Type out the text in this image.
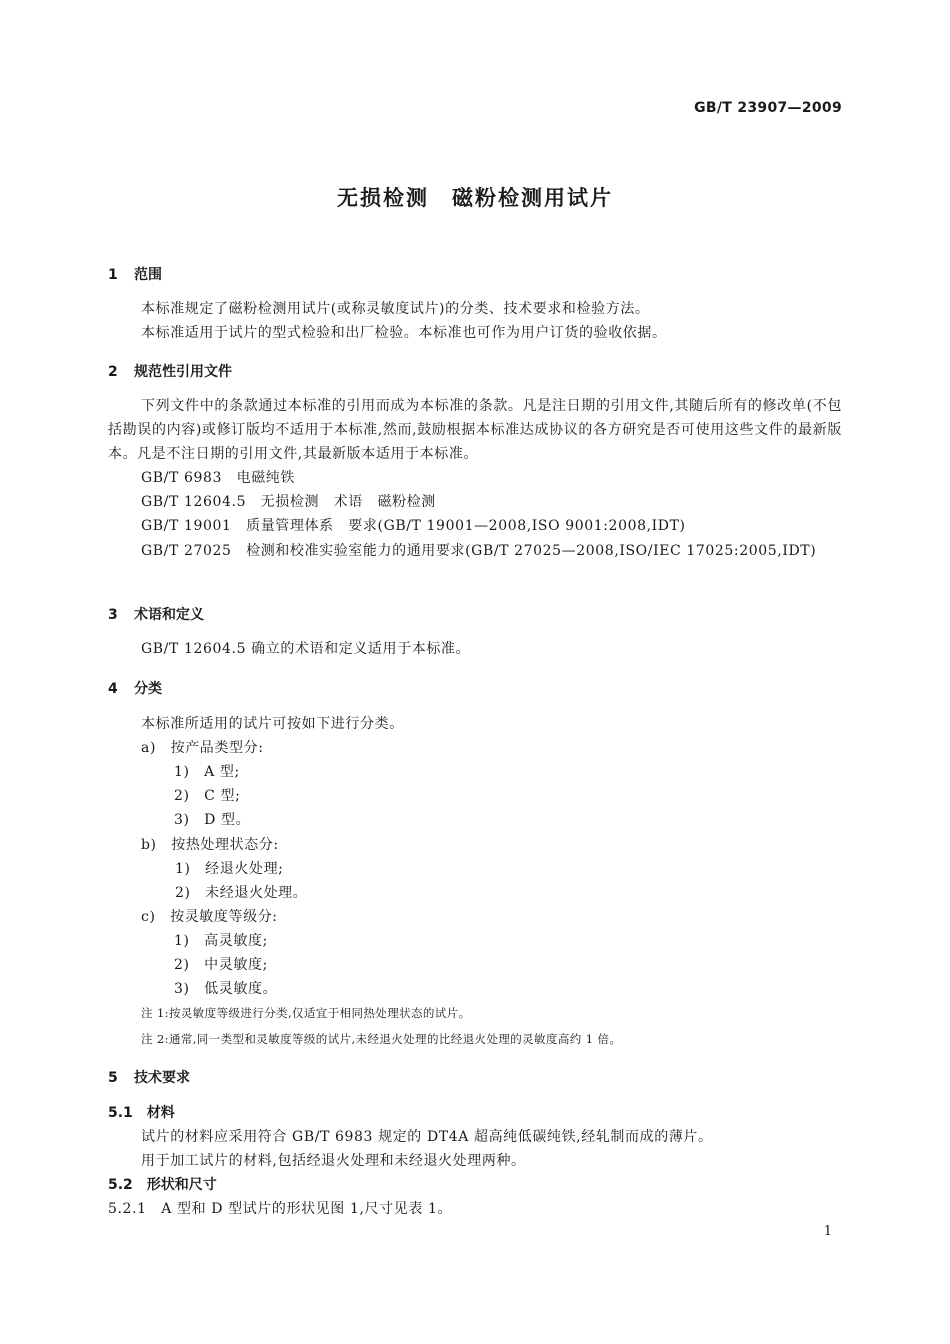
GB/T 23907—2009
无损检测　磁粉检测用试片
1 范围
本标准规定了磁粉检测用试片(或称灵敏度试片)的分类、技术要求和检验方法。
本标准适用于试片的型式检验和出厂检验。本标准也可作为用户订货的验收依据。
2 规范性引用文件
下列文件中的条款通过本标准的引用而成为本标准的条款。凡是注日期的引用文件,其随后所有的修改单(不包括勘误的内容)或修订版均不适用于本标准,然而,鼓励根据本标准达成协议的各方研究是否可使用这些文件的最新版本。凡是不注日期的引用文件,其最新版本适用于本标准。
GB/T 6983　电磁纯铁
GB/T 12604.5　无损检测　术语　磁粉检测
GB/T 19001　质量管理体系　要求(GB/T 19001—2008,ISO 9001:2008,IDT)
GB/T 27025　检测和校准实验室能力的通用要求(GB/T 27025—2008,ISO/IEC 17025:2005,IDT)
3 术语和定义
GB/T 12604.5 确立的术语和定义适用于本标准。
4 分类
本标准所适用的试片可按如下进行分类。
a)　按产品类型分:
1)　A 型;
2)　C 型;
3)　D 型。
b)　按热处理状态分:
1)　经退火处理;
2)　未经退火处理。
c)　按灵敏度等级分:
1)　高灵敏度;
2)　中灵敏度;
3)　低灵敏度。
注 1:按灵敏度等级进行分类,仅适宜于相同热处理状态的试片。
注 2:通常,同一类型和灵敏度等级的试片,未经退火处理的比经退火处理的灵敏度高约 1 倍。
5 技术要求
5.1　材料
试片的材料应采用符合 GB/T 6983 规定的 DT4A 超高纯低碳纯铁,经轧制而成的薄片。
用于加工试片的材料,包括经退火处理和未经退火处理两种。
5.2　形状和尺寸
5.2.1　A 型和 D 型试片的形状见图 1,尺寸见表 1。
1
